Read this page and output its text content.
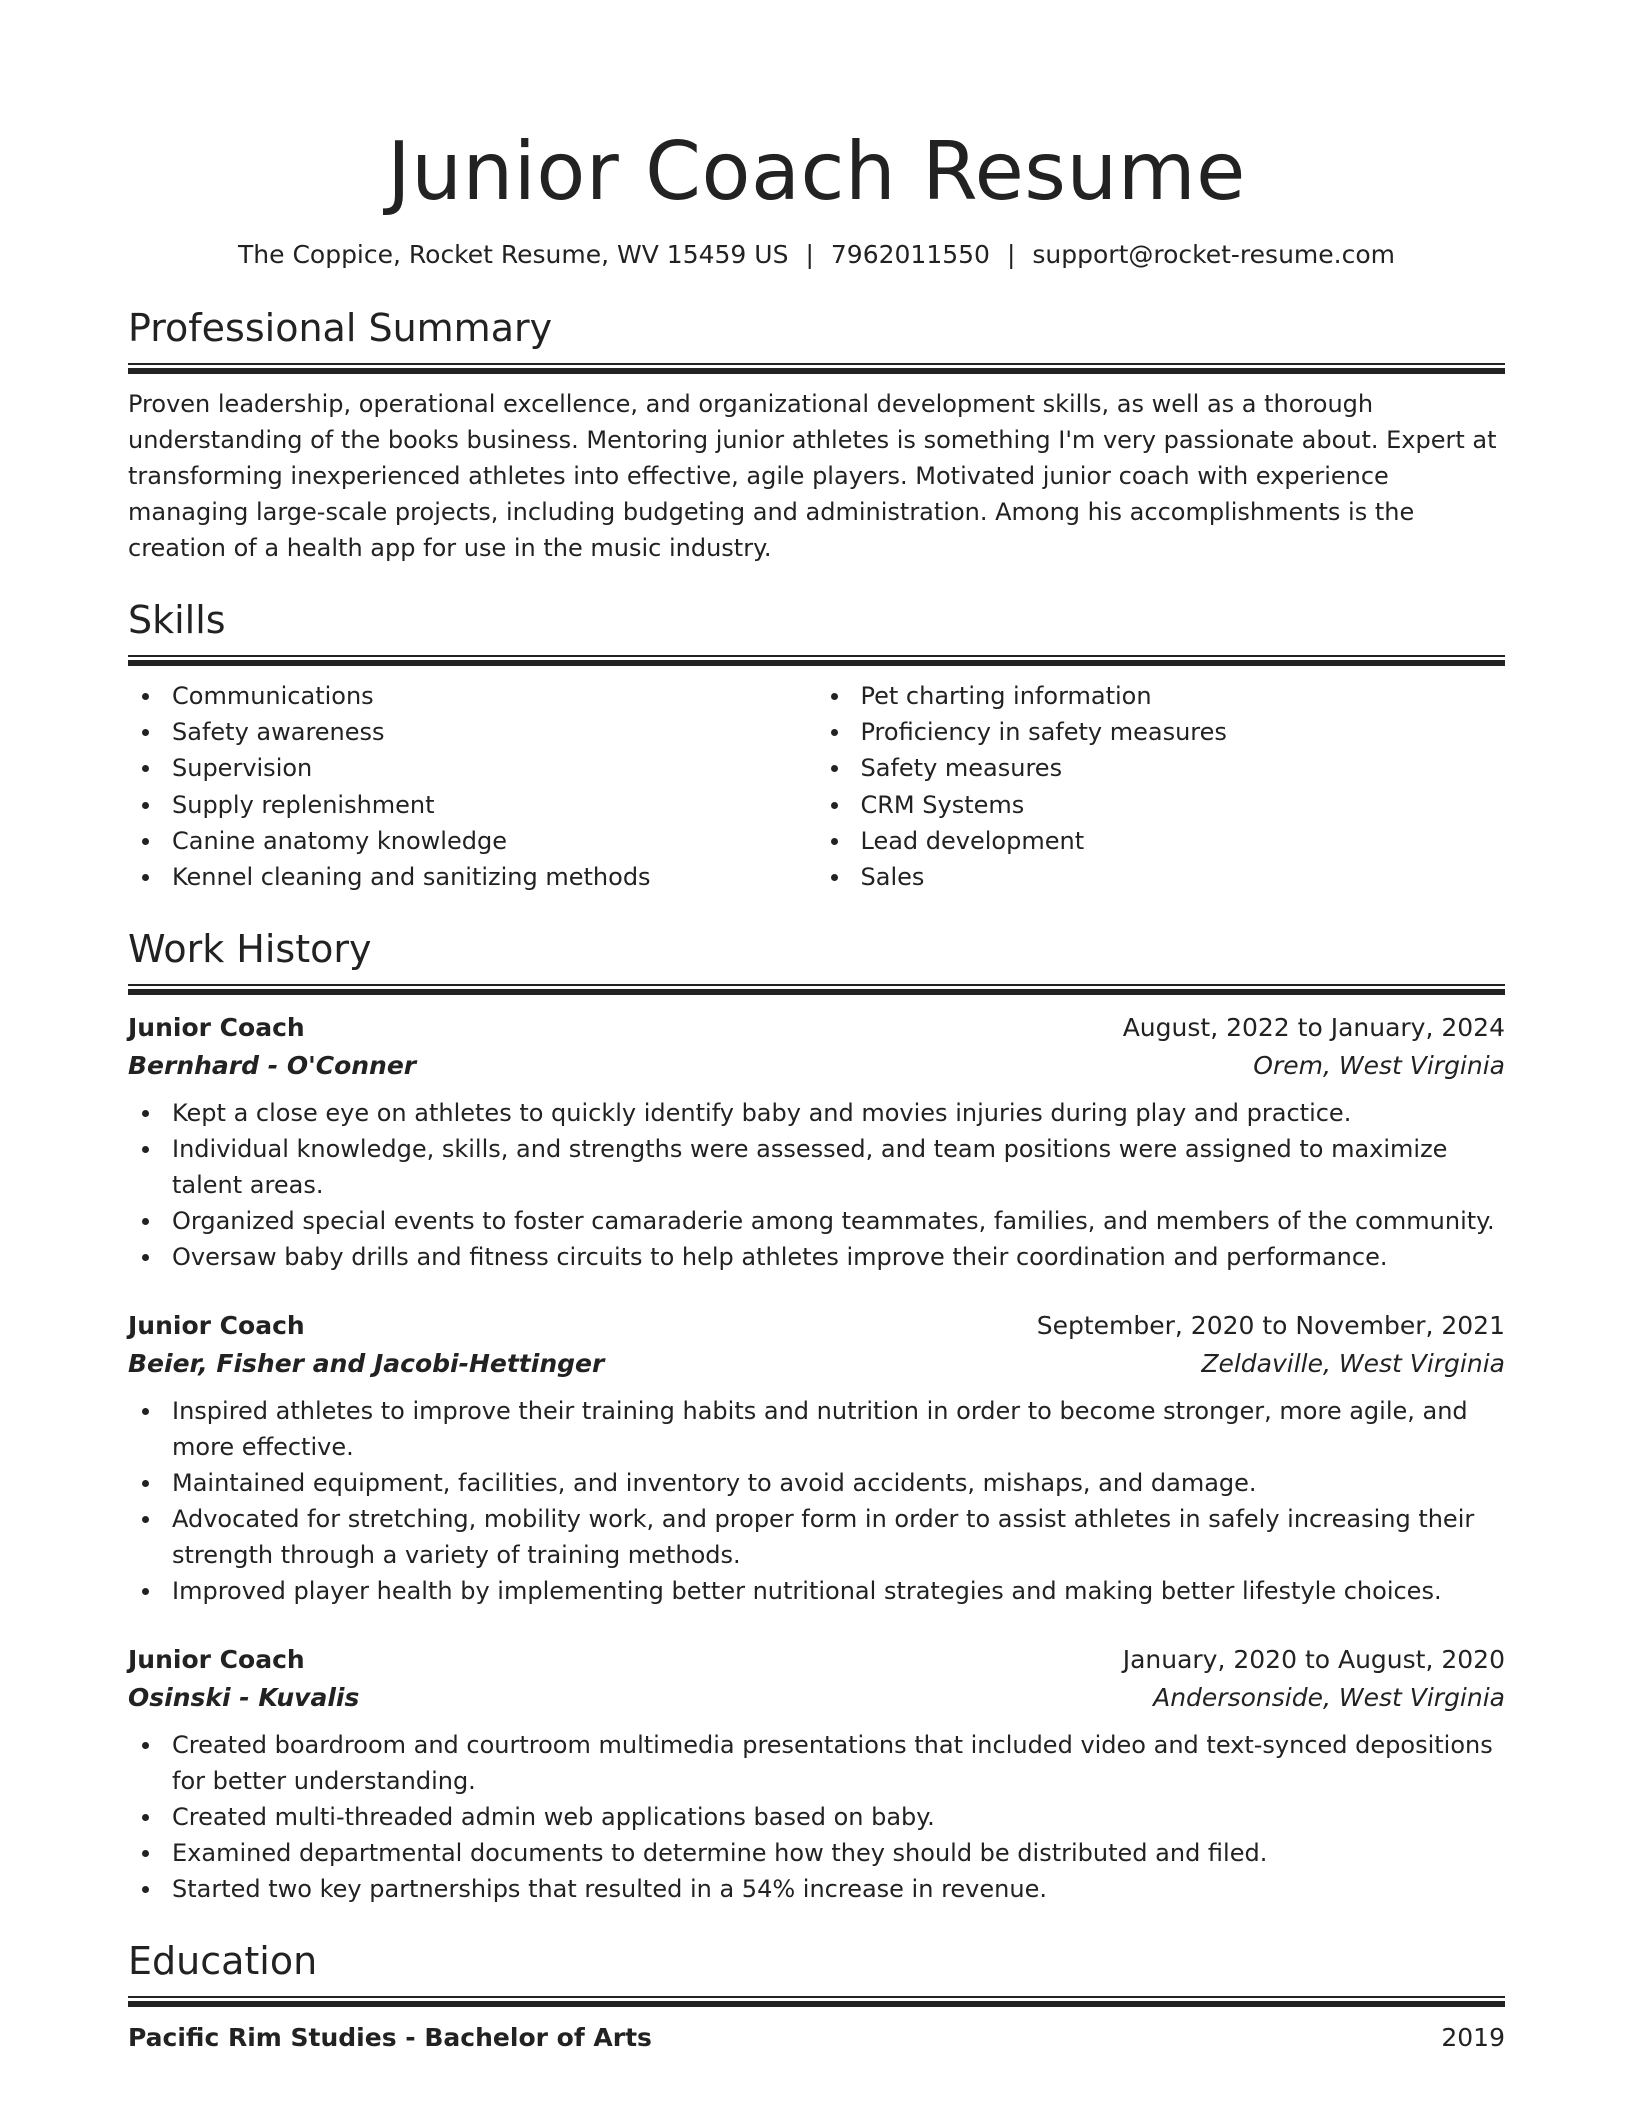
Junior Coach Resume
The Coppice, Rocket Resume, WV 15459 US | 7962011550 | support@rocket-resume.com
Professional Summary

Proven leadership, operational excellence, and organizational development skills, as well as a thorough understanding of the books business. Mentoring junior athletes is something I'm very passionate about. Expert at transforming inexperienced athletes into effective, agile players. Motivated junior coach with experience managing large-scale projects, including budgeting and administration. Among his accomplishments is the creation of a health app for use in the music industry.

Skills
Communications
Safety awareness
Supervision
Supply replenishment
Canine anatomy knowledge
Kennel cleaning and sanitizing methods
Pet charting information
Proficiency in safety measures
Safety measures
CRM Systems
Lead development
Sales
Work History
Junior Coach	August, 2022 to January, 2024
Bernhard - O'Conner	Orem, West Virginia
Kept a close eye on athletes to quickly identify baby and movies injuries during play and practice.
Individual knowledge, skills, and strengths were assessed, and team positions were assigned to maximize talent areas.
Organized special events to foster camaraderie among teammates, families, and members of the community.
Oversaw baby drills and fitness circuits to help athletes improve their coordination and performance.
Junior Coach	September, 2020 to November, 2021
Beier, Fisher and Jacobi-Hettinger	Zeldaville, West Virginia
Inspired athletes to improve their training habits and nutrition in order to become stronger, more agile, and more effective.
Maintained equipment, facilities, and inventory to avoid accidents, mishaps, and damage.
Advocated for stretching, mobility work, and proper form in order to assist athletes in safely increasing their strength through a variety of training methods.
Improved player health by implementing better nutritional strategies and making better lifestyle choices.
Junior Coach	January, 2020 to August, 2020
Osinski - Kuvalis	Andersonside, West Virginia
Created boardroom and courtroom multimedia presentations that included video and text-synced depositions for better understanding.
Created multi-threaded admin web applications based on baby.
Examined departmental documents to determine how they should be distributed and filed.
Started two key partnerships that resulted in a 54% increase in revenue.
Education
Pacific Rim Studies - Bachelor of Arts	2019
